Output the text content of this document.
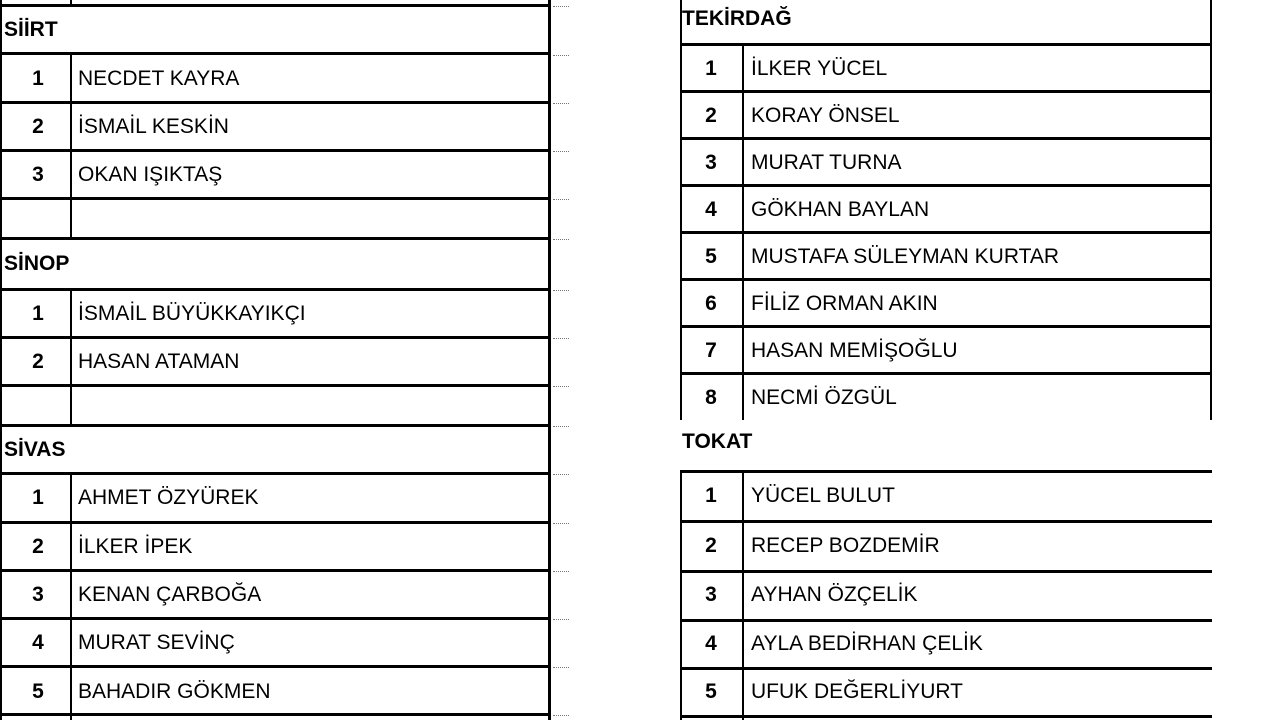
SİİRT
1	NECDET KAYRA
2	İSMAİL KESKİN
3	OKAN IŞIKTAŞ
SİNOP
1	İSMAİL BÜYÜKKAYIKÇI
2	HASAN ATAMAN
SİVAS
1	AHMET ÖZYÜREK
2	İLKER İPEK
3	KENAN ÇARBOĞA
4	MURAT SEVİNÇ
5	BAHADIR GÖKMEN
TEKİRDAĞ
1	İLKER YÜCEL
2	KORAY ÖNSEL
3	MURAT TURNA
4	GÖKHAN BAYLAN
5	MUSTAFA SÜLEYMAN KURTAR
6	FİLİZ ORMAN AKIN
7	HASAN MEMİŞOĞLU
8	NECMİ ÖZGÜL
TOKAT
1	YÜCEL BULUT
2	RECEP BOZDEMİR
3	AYHAN ÖZÇELİK
4	AYLA BEDİRHAN ÇELİK
5	UFUK DEĞERLİYURT
